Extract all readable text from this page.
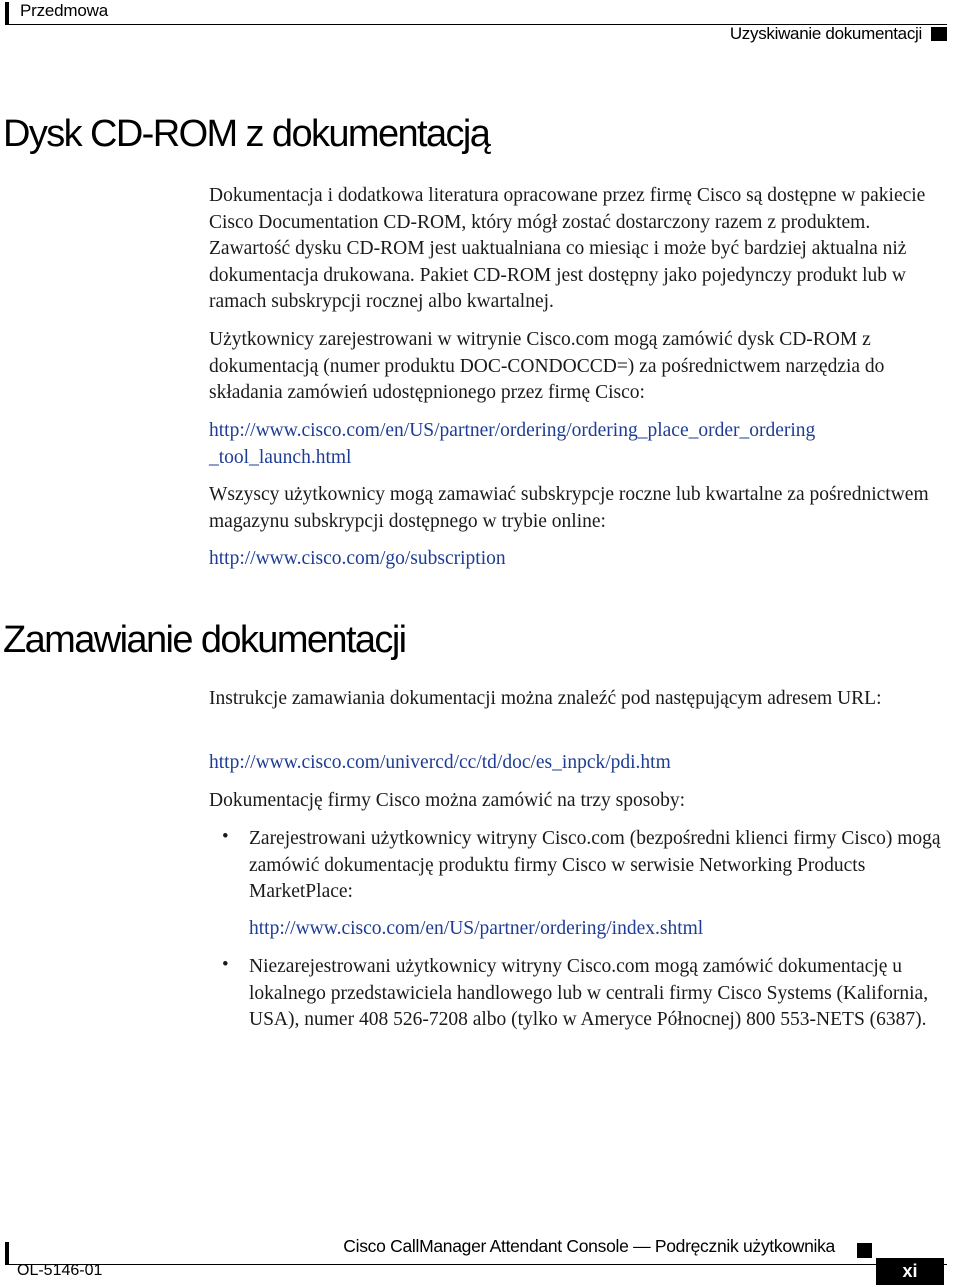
Przedmowa
Uzyskiwanie dokumentacji
Dysk CD-ROM z dokumentacją

Dokumentacja i dodatkowa literatura opracowane przez firmę Cisco są dostępne w pakiecie Cisco Documentation CD-ROM, który mógł zostać dostarczony razem z produktem. Zawartość dysku CD-ROM jest uaktualniana co miesiąc i może być bardziej aktualna niż dokumentacja drukowana. Pakiet CD-ROM jest dostępny jako pojedynczy produkt lub w ramach subskrypcji rocznej albo kwartalnej.

Użytkownicy zarejestrowani w witrynie Cisco.com mogą zamówić dysk CD-ROM z dokumentacją (numer produktu DOC-CONDOCCD=) za pośrednictwem narzędzia do składania zamówień udostępnionego przez firmę Cisco:

http://www.cisco.com/en/US/partner/ordering/ordering_place_order_ordering
_tool_launch.html

Wszyscy użytkownicy mogą zamawiać subskrypcje roczne lub kwartalne za pośrednictwem magazynu subskrypcji dostępnego w trybie online:

http://www.cisco.com/go/subscription

Zamawianie dokumentacji

Instrukcje zamawiania dokumentacji można znaleźć pod następującym adresem URL:

http://www.cisco.com/univercd/cc/td/doc/es_inpck/pdi.htm

Dokumentację firmy Cisco można zamówić na trzy sposoby:

• Zarejestrowani użytkownicy witryny Cisco.com (bezpośredni klienci firmy Cisco) mogą zamówić dokumentację produktu firmy Cisco w serwisie Networking Products MarketPlace:

http://www.cisco.com/en/US/partner/ordering/index.shtml

• Niezarejestrowani użytkownicy witryny Cisco.com mogą zamówić dokumentację u lokalnego przedstawiciela handlowego lub w centrali firmy Cisco Systems (Kalifornia, USA), numer 408 526-7208 albo (tylko w Ameryce Północnej) 800 553-NETS (6387).

Cisco CallManager Attendant Console — Podręcznik użytkownika
OL-5146-01	xi
